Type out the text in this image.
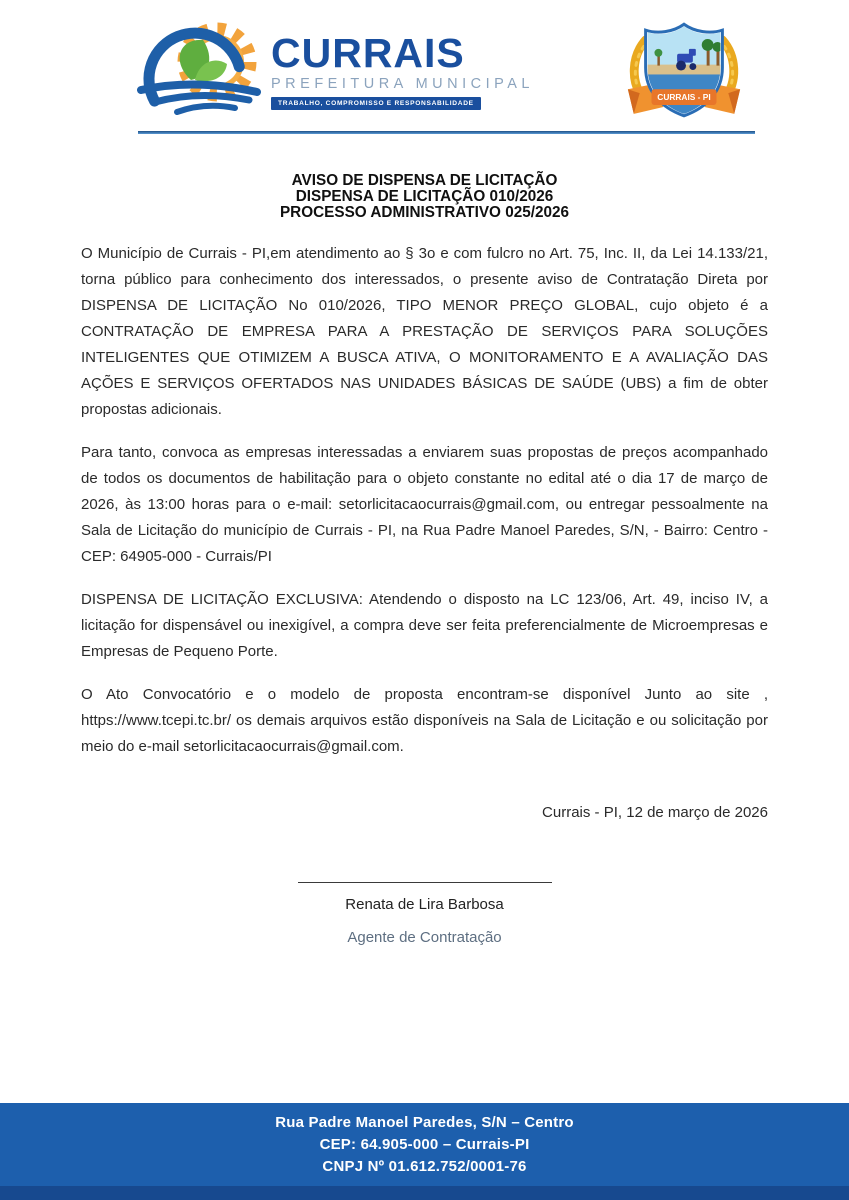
CURRAIS
PREFEITURA MUNICIPAL
TRABALHO, COMPROMISSO E RESPONSABILIDADE
CURRAIS - PI
AVISO DE DISPENSA DE LICITAÇÃO
DISPENSA DE LICITAÇÃO 010/2026
PROCESSO ADMINISTRATIVO 025/2026

O Município de Currais - PI,em atendimento ao § 3o e com fulcro no Art. 75, Inc. II, da Lei 14.133/21, torna público para conhecimento dos interessados, o presente aviso de Contratação Direta por DISPENSA DE LICITAÇÃO No 010/2026, TIPO MENOR PREÇO GLOBAL, cujo objeto é a CONTRATAÇÃO DE EMPRESA PARA A PRESTAÇÃO DE SERVIÇOS PARA SOLUÇÕES INTELIGENTES QUE OTIMIZEM A BUSCA ATIVA, O MONITORAMENTO E A AVALIAÇÃO DAS AÇÕES E SERVIÇOS OFERTADOS NAS UNIDADES BÁSICAS DE SAÚDE (UBS) a fim de obter propostas adicionais.

Para tanto, convoca as empresas interessadas a enviarem suas propostas de preços acompanhado de todos os documentos de habilitação para o objeto constante no edital até o dia 17 de março de 2026, às 13:00 horas para o e-mail: setorlicitacaocurrais@gmail.com, ou entregar pessoalmente na Sala de Licitação do município de Currais - PI, na Rua Padre Manoel Paredes, S/N, - Bairro: Centro - CEP: 64905-000 - Currais/PI

DISPENSA DE LICITAÇÃO EXCLUSIVA: Atendendo o disposto na LC 123/06, Art. 49, inciso IV, a licitação for dispensável ou inexigível, a compra deve ser feita preferencialmente de Microempresas e Empresas de Pequeno Porte.

O Ato Convocatório e o modelo de proposta encontram-se disponível Junto ao site , https://www.tcepi.tc.br/ os demais arquivos estão disponíveis na Sala de Licitação e ou solicitação por meio do e-mail setorlicitacaocurrais@gmail.com.

Currais - PI, 12 de março de 2026
Renata de Lira Barbosa
Agente de Contratação
Rua Padre Manoel Paredes, S/N – Centro
CEP: 64.905-000 – Currais-PI
CNPJ Nº 01.612.752/0001-76
